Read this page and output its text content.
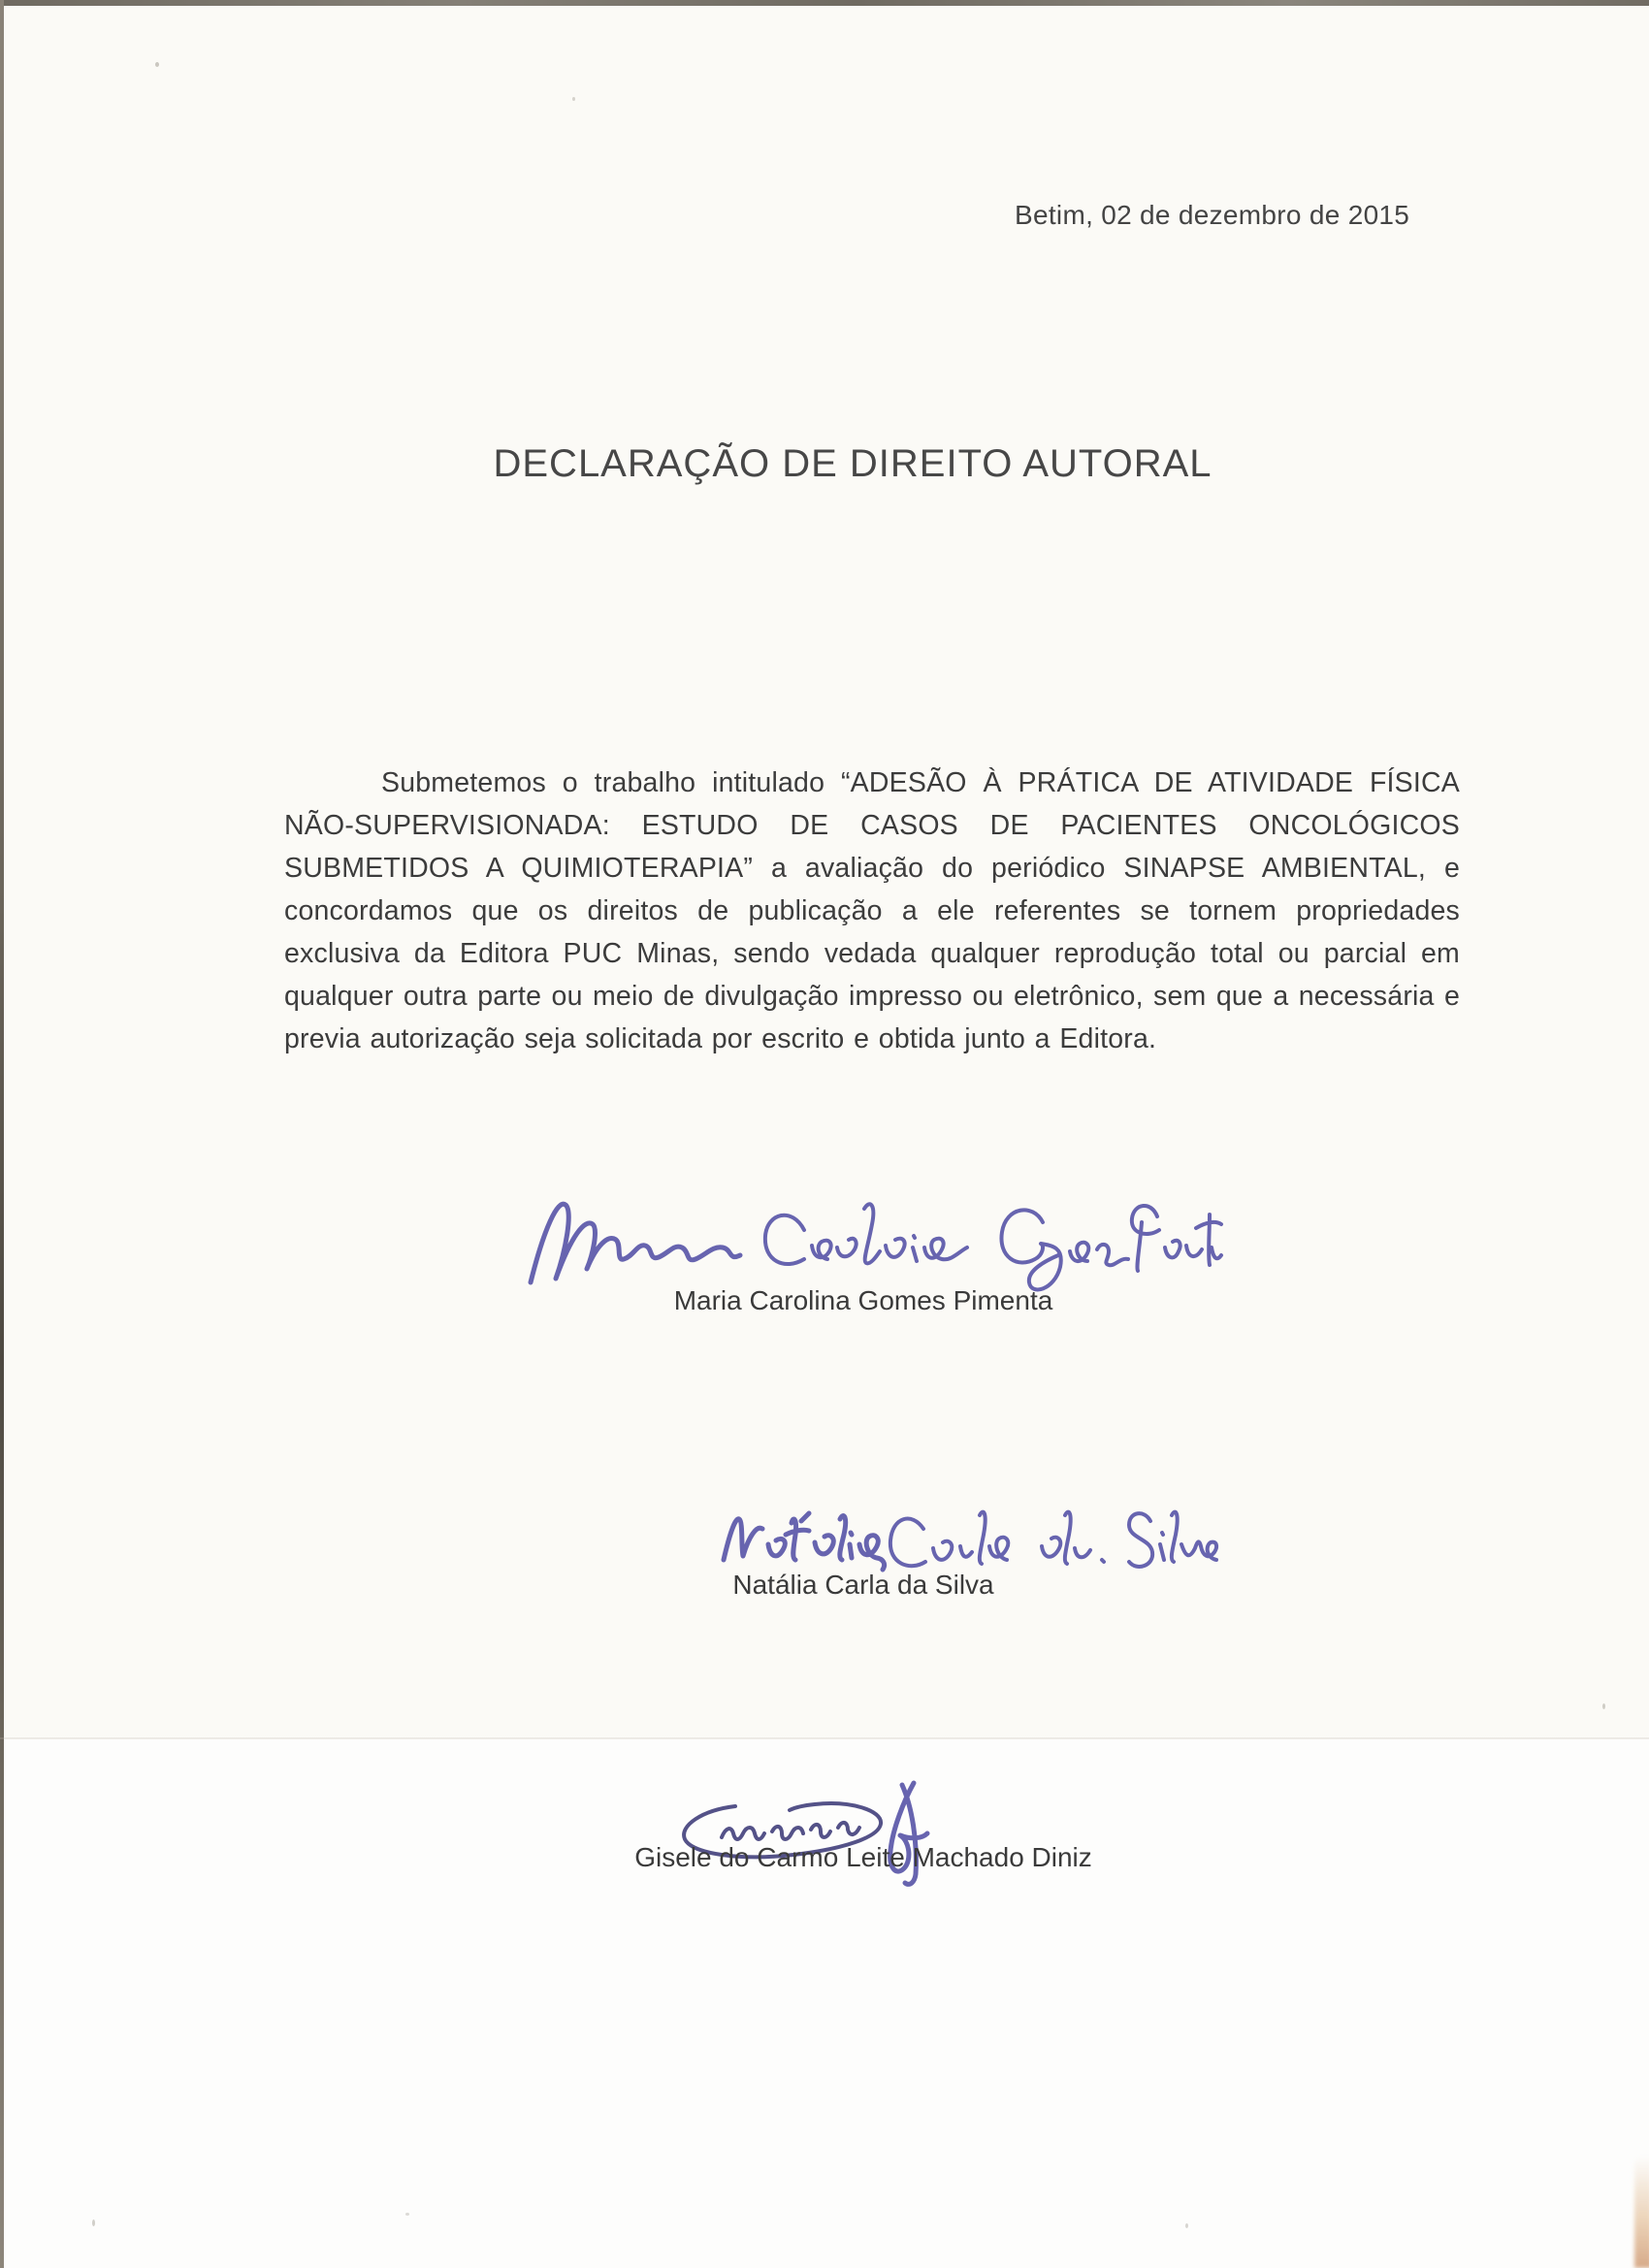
Betim, 02 de dezembro de 2015
DECLARAÇÃO DE DIREITO AUTORAL

Submetemos o trabalho intitulado “ADESÃO À PRÁTICA DE ATIVIDADE FÍSICA NÃO-SUPERVISIONADA: ESTUDO DE CASOS DE PACIENTES ONCOLÓGICOS SUBMETIDOS A QUIMIOTERAPIA” a avaliação do periódico SINAPSE AMBIENTAL, e concordamos que os direitos de publicação a ele referentes se tornem propriedades exclusiva da Editora PUC Minas, sendo vedada qualquer reprodução total ou parcial em qualquer outra parte ou meio de divulgação impresso ou eletrônico, sem que a necessária e previa autorização seja solicitada por escrito e obtida junto a Editora.

Maria Carolina Gomes Pimenta
Natália Carla da Silva
Gisele do Carmo Leite Machado Diniz
